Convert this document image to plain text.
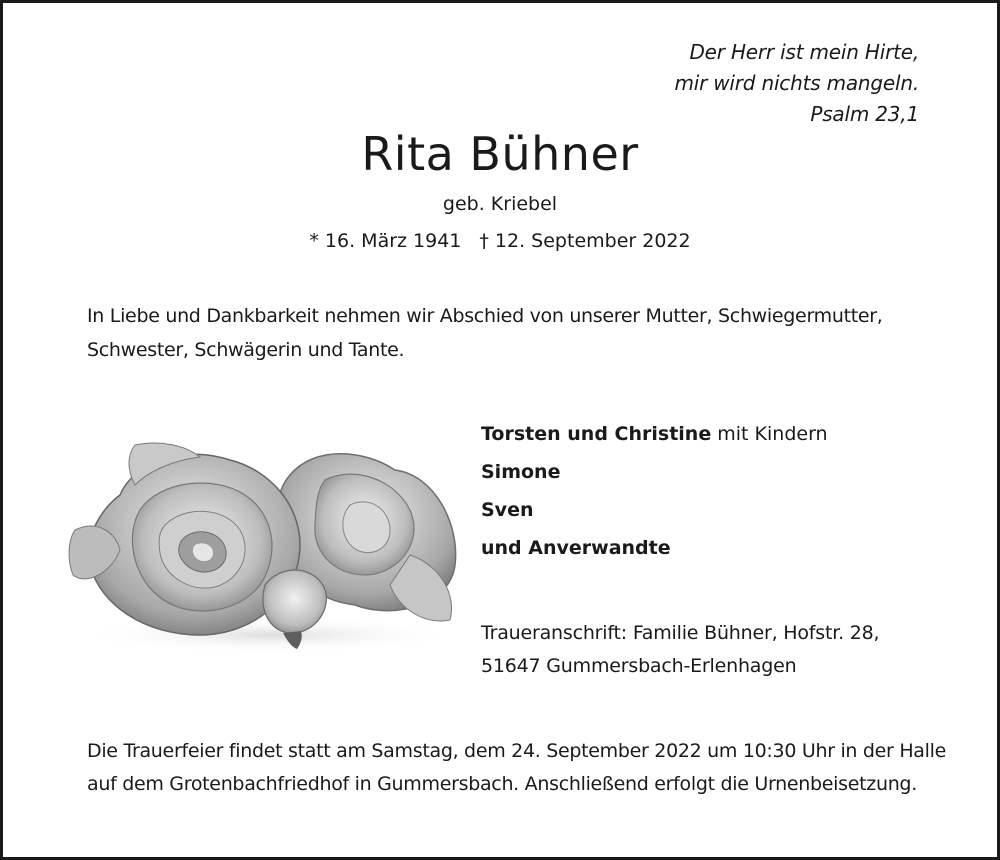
Der Herr ist mein Hirte,
mir wird nichts mangeln.
Psalm 23,1
Rita Bühner
geb. Kriebel
* 16. März 1941 † 12. September 2022
In Liebe und Dankbarkeit nehmen wir Abschied von unserer Mutter, Schwiegermutter, Schwester, Schwägerin und Tante.
Torsten und Christine mit Kindern
Simone
Sven
und Anverwandte
Traueranschrift: Familie Bühner, Hofstr. 28,
51647 Gummersbach-Erlenhagen
Die Trauerfeier findet statt am Samstag, dem 24. September 2022 um 10:30 Uhr in der Halle auf dem Grotenbachfriedhof in Gummersbach. Anschließend erfolgt die Urnenbeisetzung.
